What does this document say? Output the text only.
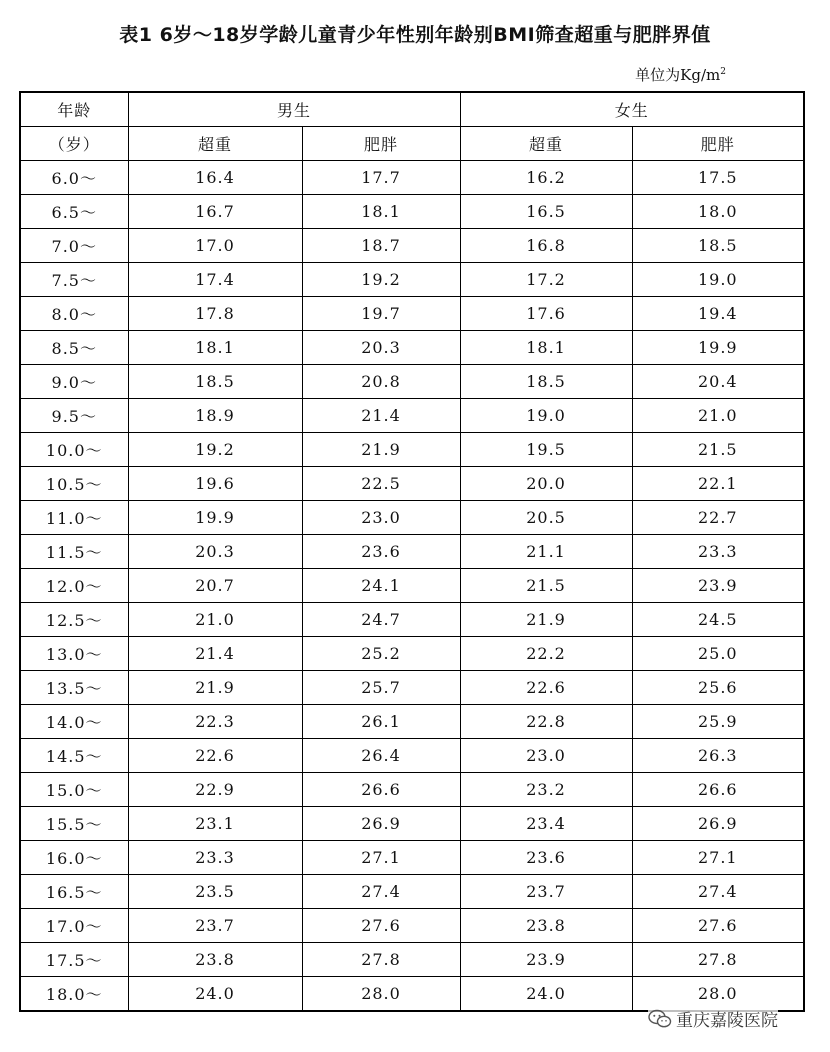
表1 6岁～18岁学龄儿童青少年性别年龄别BMI筛查超重与肥胖界值
单位为$Kg/m^2$
年龄	男生		女生	
（岁）	超重	肥胖	超重	肥胖
6.0～	16.4	17.7	16.2	17.5
6.5～	16.7	18.1	16.5	18.0
7.0～	17.0	18.7	16.8	18.5
7.5～	17.4	19.2	17.2	19.0
8.0～	17.8	19.7	17.6	19.4
8.5～	18.1	20.3	18.1	19.9
9.0～	18.5	20.8	18.5	20.4
9.5～	18.9	21.4	19.0	21.0
10.0～	19.2	21.9	19.5	21.5
10.5～	19.6	22.5	20.0	22.1
11.0～	19.9	23.0	20.5	22.7
11.5～	20.3	23.6	21.1	23.3
12.0～	20.7	24.1	21.5	23.9
12.5～	21.0	24.7	21.9	24.5
13.0～	21.4	25.2	22.2	25.0
13.5～	21.9	25.7	22.6	25.6
14.0～	22.3	26.1	22.8	25.9
14.5～	22.6	26.4	23.0	26.3
15.0～	22.9	26.6	23.2	26.6
15.5～	23.1	26.9	23.4	26.9
16.0～	23.3	27.1	23.6	27.1
16.5～	23.5	27.4	23.7	27.4
17.0～	23.7	27.6	23.8	27.6
17.5～	23.8	27.8	23.9	27.8
18.0～	24.0	28.0	24.0	28.0
重庆嘉陵医院
